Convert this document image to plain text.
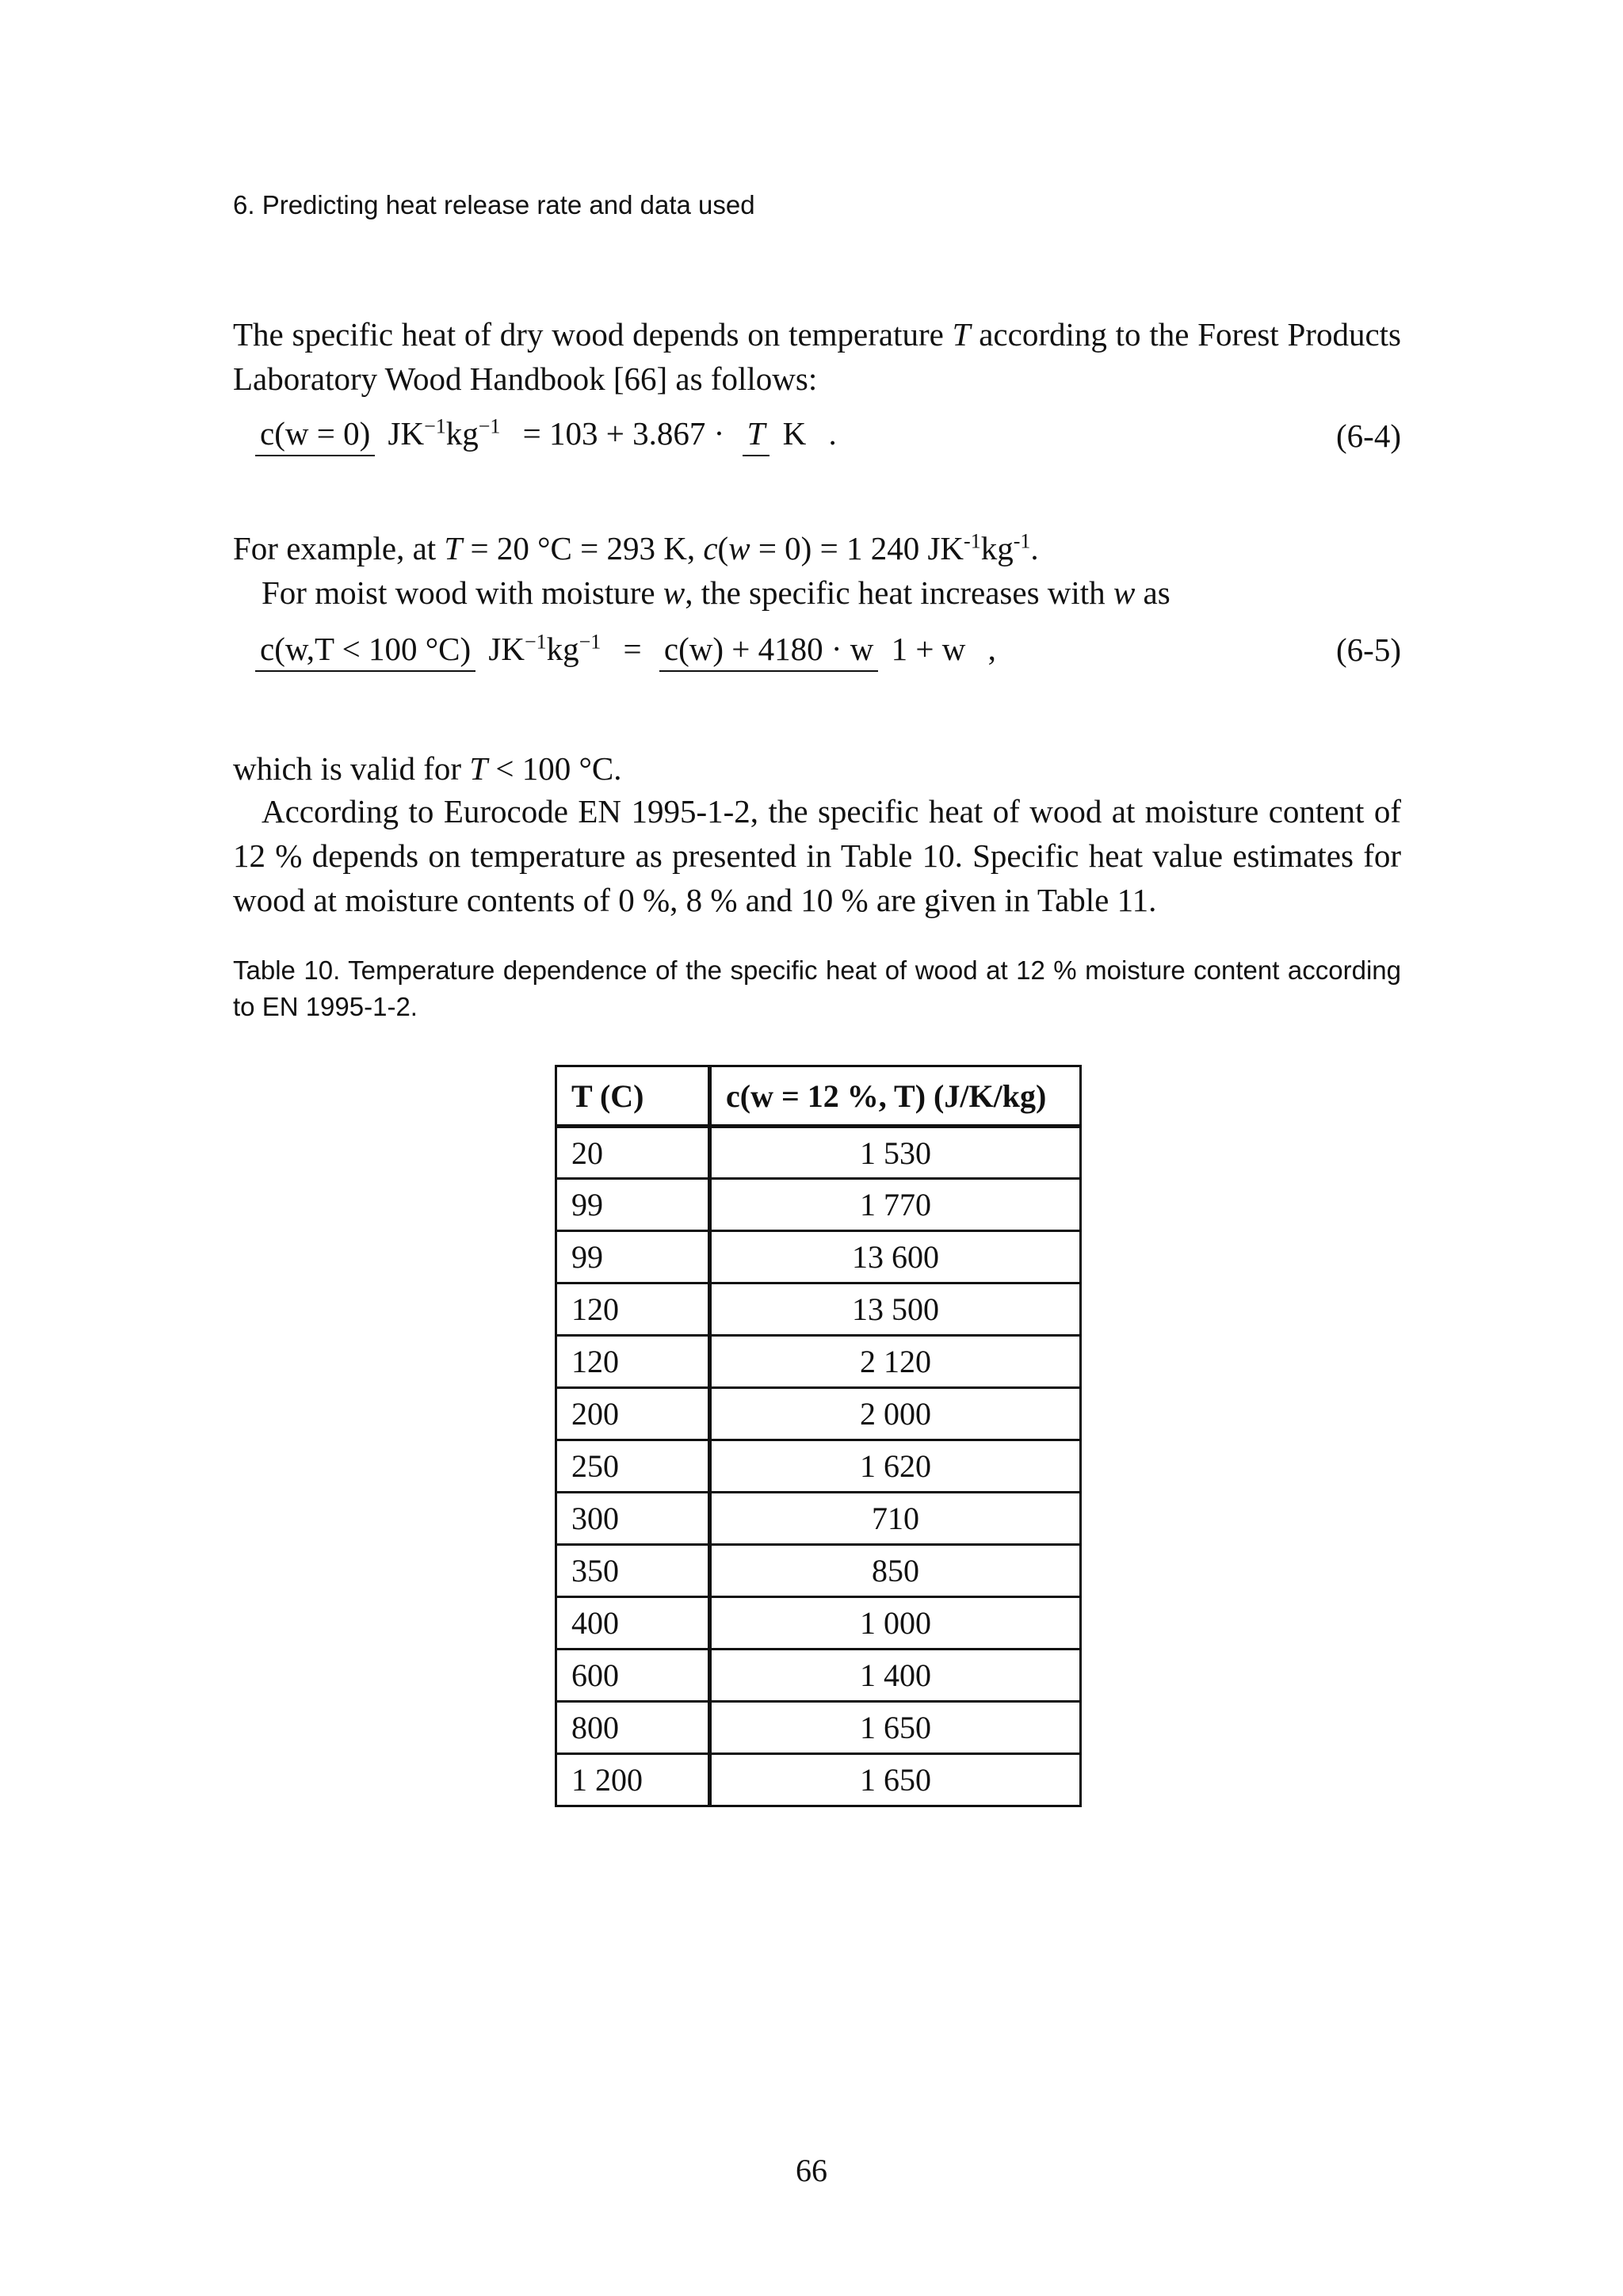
6. Predicting heat release rate and data used
The specific heat of dry wood depends on temperature T according to the Forest Products Laboratory Wood Handbook [66] as follows:
c(w = 0) $JK^{-1}kg^{-1} = 103 + 3.867 \cdot T$ K .	(6-4)
For example, at T = 20 °C = 293 K, c(w = 0) = 1 240 $JK^{-1}kg^{-1}$.
For moist wood with moisture w, the specific heat increases with w as
c(w,T < 100 °C) $JK^{-1}kg^{-1} = c(w) + 4180 \cdot w$ 1 + w ,	(6-5)
which is valid for T < 100 °C.
According to Eurocode EN 1995-1-2, the specific heat of wood at moisture content of 12 % depends on temperature as presented in Table 10. Specific heat value estimates for wood at moisture contents of 0 %, 8 % and 10 % are given in Table 11.
Table 10. Temperature dependence of the specific heat of wood at 12 % moisture content according to EN 1995-1-2.
T (C)	c(w = 12 %, T) (J/K/kg)
20	1 530
99	1 770
99	13 600
120	13 500
120	2 120
200	2 000
250	1 620
300	710
350	850
400	1 000
600	1 400
800	1 650
1 200	1 650
66
